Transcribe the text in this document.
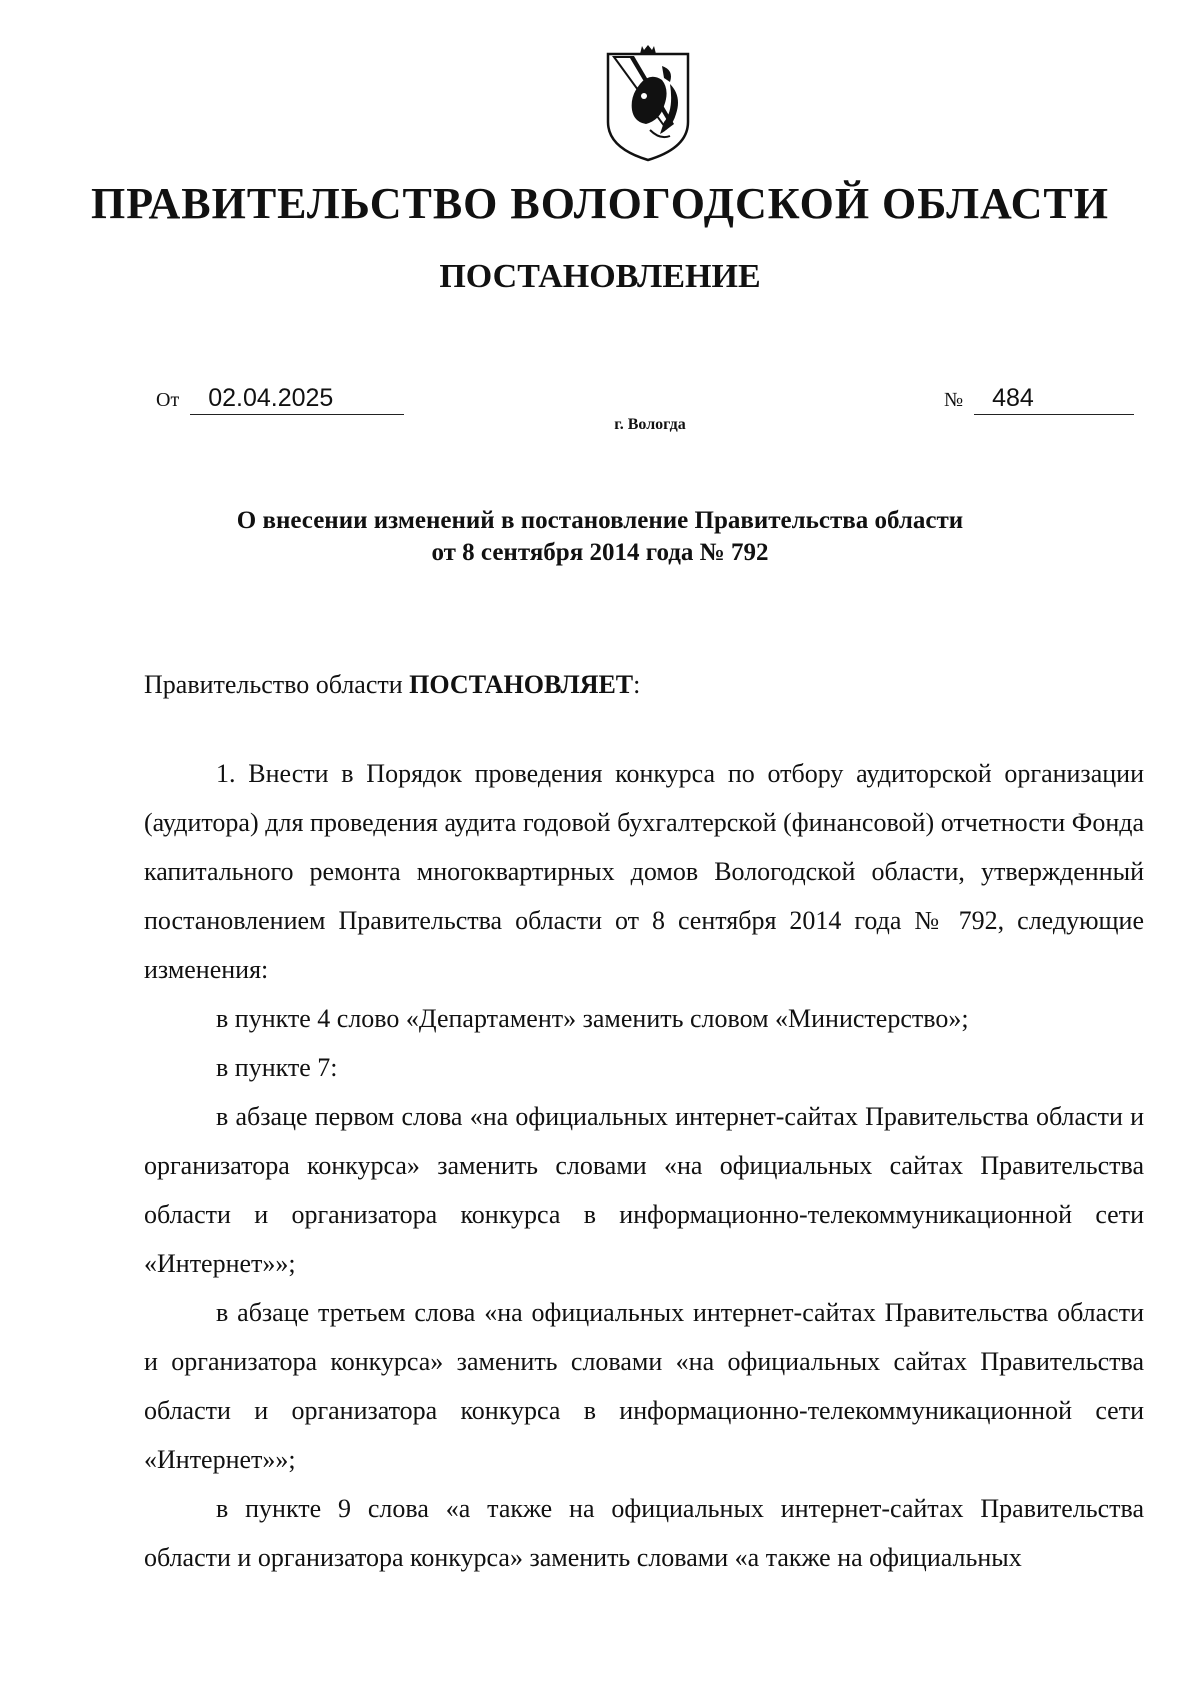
ПРАВИТЕЛЬСТВО ВОЛОГОДСКОЙ ОБЛАСТИ
ПОСТАНОВЛЕНИЕ
От 02.04.2025	№ 484
г. Вологда
О внесении изменений в постановление Правительства области
от 8 сентября 2014 года № 792

Правительство области ПОСТАНОВЛЯЕТ:

1. Внести в Порядок проведения конкурса по отбору аудиторской организации (аудитора) для проведения аудита годовой бухгалтерской (финансовой) отчетности Фонда капитального ремонта многоквартирных домов Вологодской области, утвержденный постановлением Правительства области от 8 сентября 2014 года № 792, следующие изменения:

в пункте 4 слово «Департамент» заменить словом «Министерство»;

в пункте 7:

в абзаце первом слова «на официальных интернет-сайтах Правительства области и организатора конкурса» заменить словами «на официальных сайтах Правительства области и организатора конкурса в информационно-телекоммуникационной сети «Интернет»»;

в абзаце третьем слова «на официальных интернет-сайтах Правительства области и организатора конкурса» заменить словами «на официальных сайтах Правительства области и организатора конкурса в информационно-телекоммуникационной сети «Интернет»»;

в пункте 9 слова «а также на официальных интернет-сайтах Правительства области и организатора конкурса» заменить словами «а также на официальных
